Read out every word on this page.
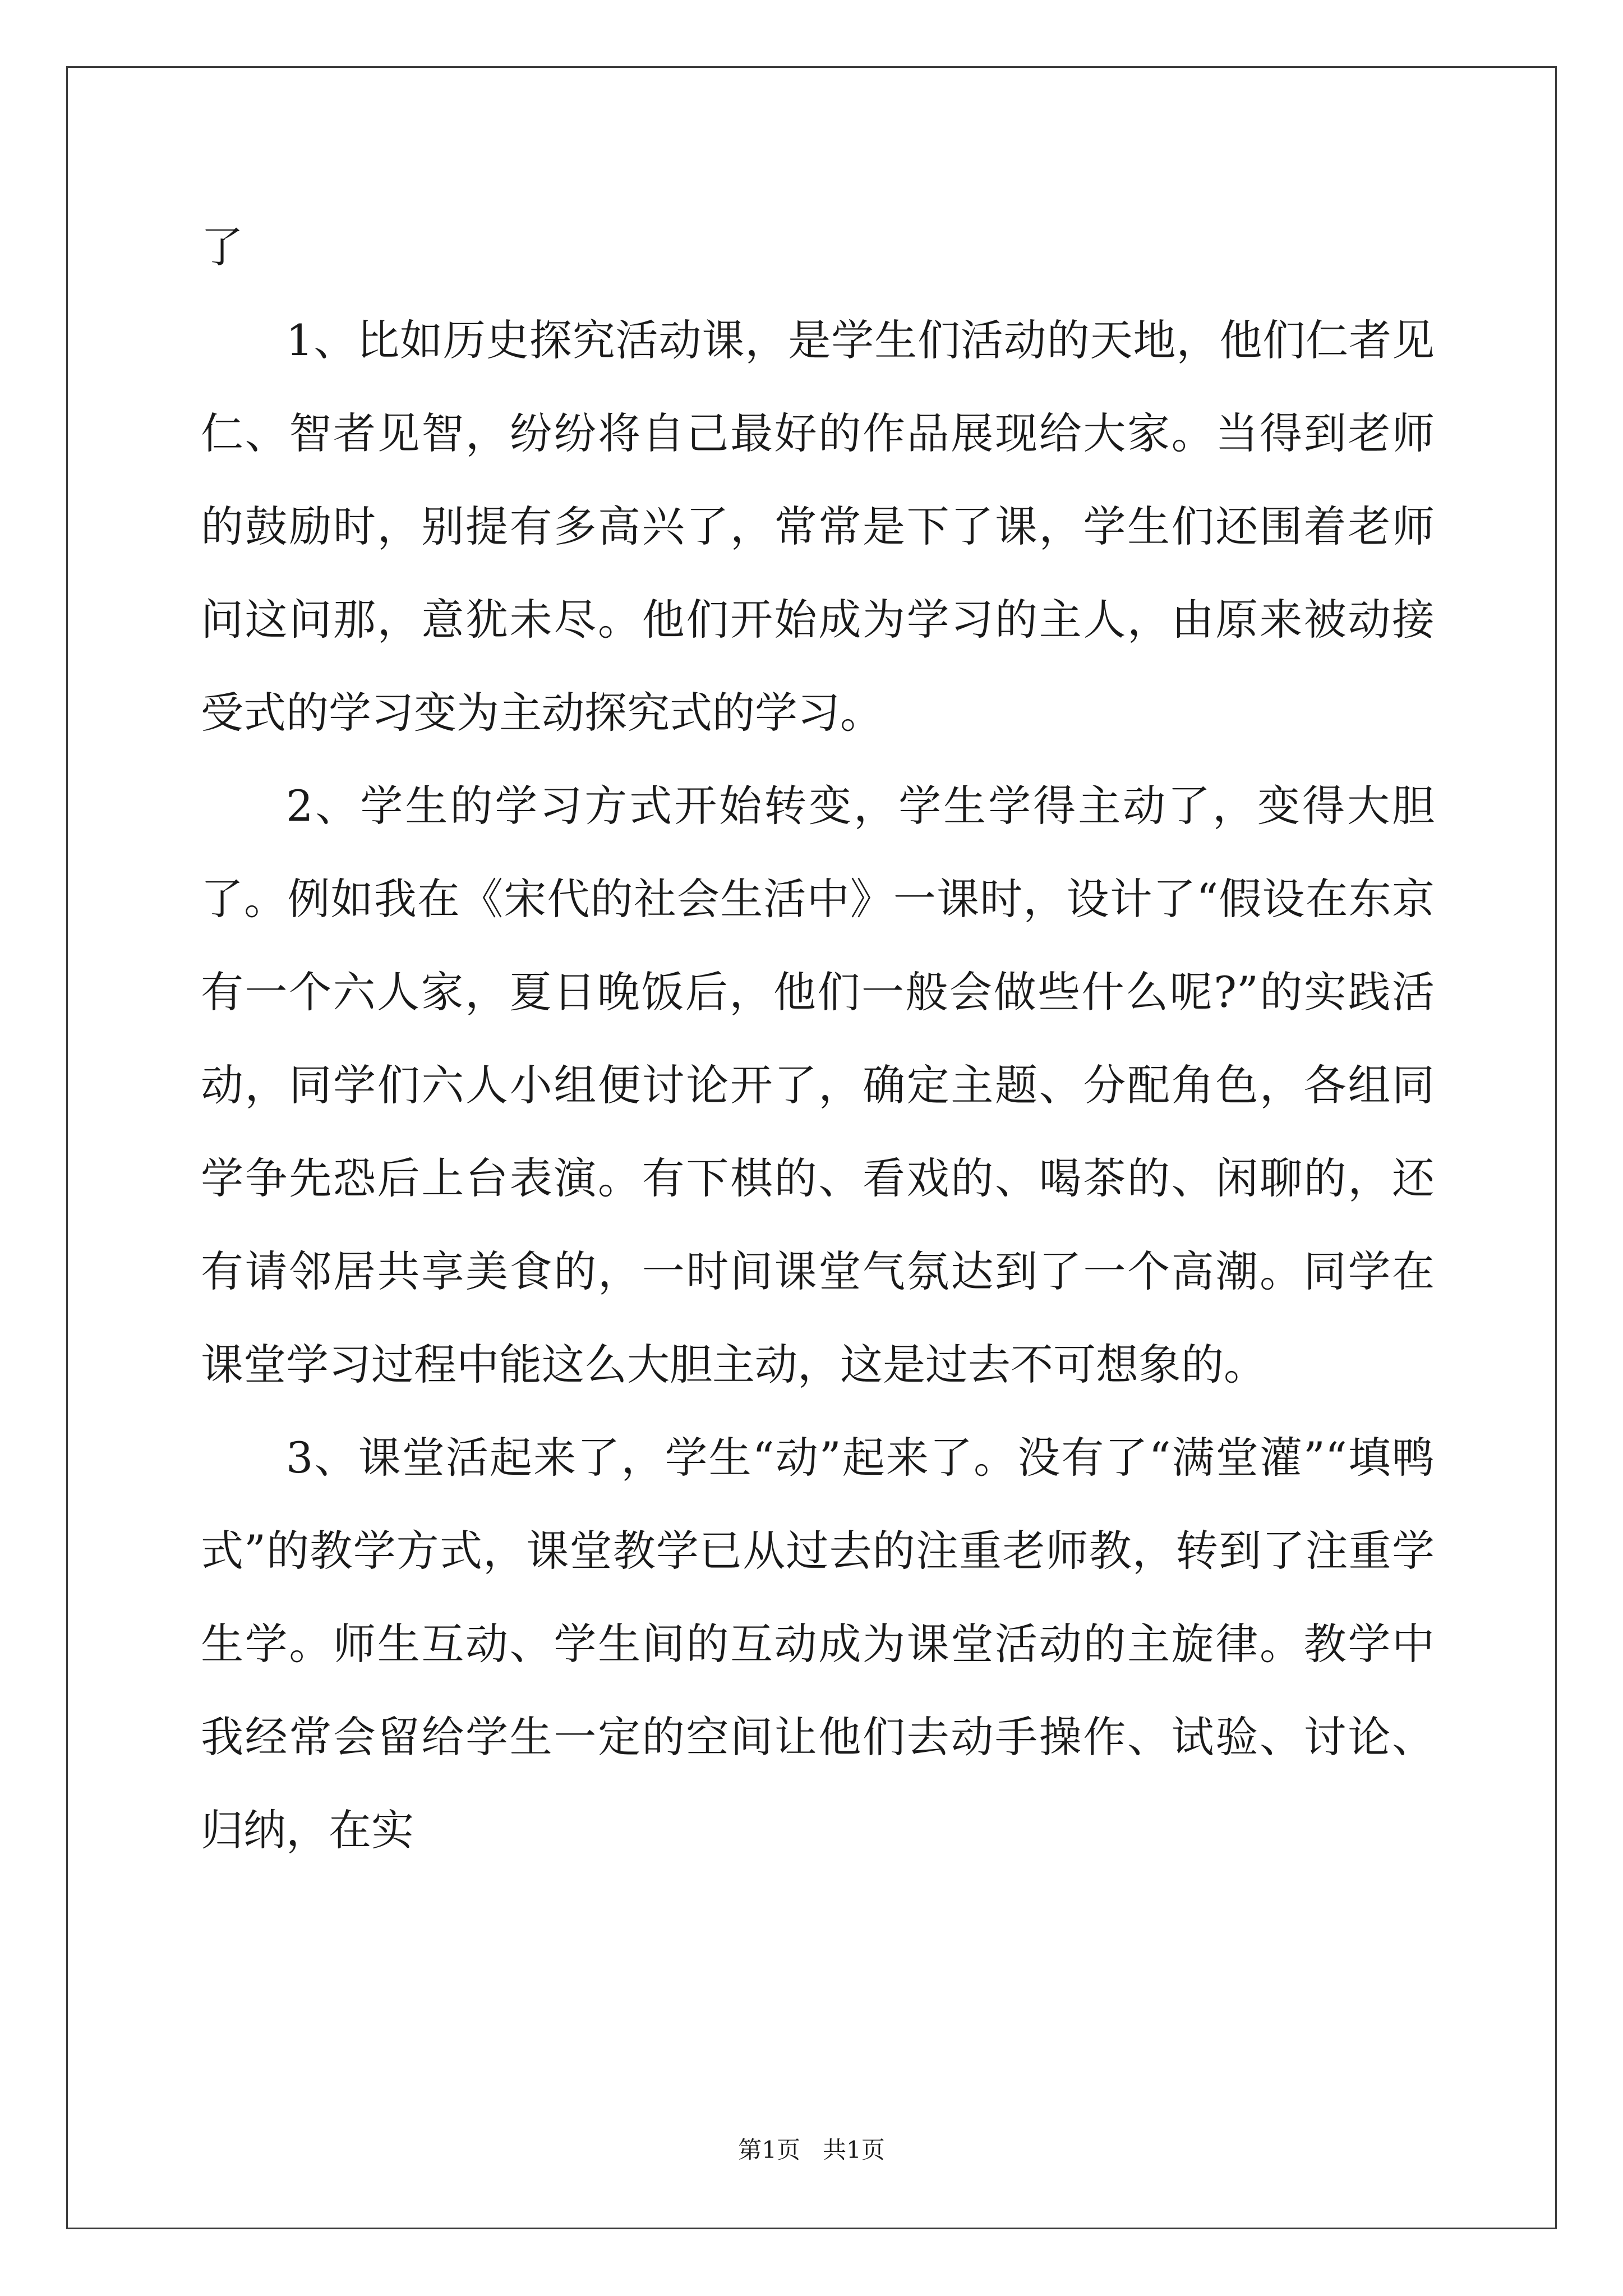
了

1、比如历史探究活动课，是学生们活动的天地，他们仁者见仁、智者见智，纷纷将自己最好的作品展现给大家。当得到老师的鼓励时，别提有多高兴了，常常是下了课，学生们还围着老师问这问那，意犹未尽。他们开始成为学习的主人，由原来被动接受式的学习变为主动探究式的学习。

2、学生的学习方式开始转变，学生学得主动了，变得大胆了。例如我在《宋代的社会生活中》一课时，设计了“假设在东京有一个六人家，夏日晚饭后，他们一般会做些什么呢?”的实践活动，同学们六人小组便讨论开了，确定主题、分配角色，各组同学争先恐后上台表演。有下棋的、看戏的、喝茶的、闲聊的，还有请邻居共享美食的，一时间课堂气氛达到了一个高潮。同学在课堂学习过程中能这么大胆主动，这是过去不可想象的。

3、课堂活起来了，学生“动”起来了。没有了“满堂灌”“填鸭式”的教学方式，课堂教学已从过去的注重老师教，转到了注重学生学。师生互动、学生间的互动成为课堂活动的主旋律。教学中我经常会留给学生一定的空间让他们去动手操作、试验、讨论、归纳，在实

第1页 共1页
